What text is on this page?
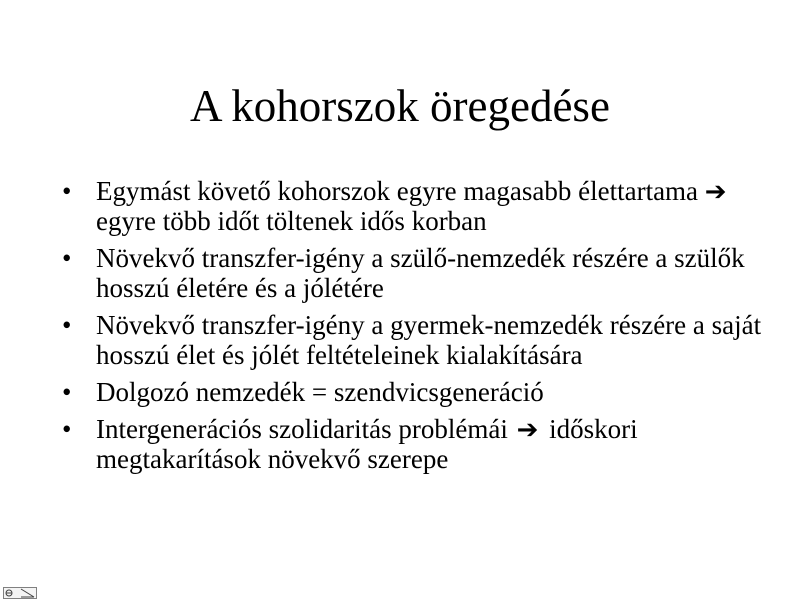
A kohorszok öregedése
• Egymást követő kohorszok egyre magasabb élettartama ➔egyre több időt töltenek idős korban
• Növekvő transzfer-igény a szülő-nemzedék részére a szülők hosszú életére és a jólétére
• Növekvő transzfer-igény a gyermek-nemzedék részére a saját hosszú élet és jólét feltételeinek kialakítására
• Dolgozó nemzedék = szendvicsgeneráció
• Intergenerációs szolidaritás problémái ➔ időskori megtakarítások növekvő szerepe
